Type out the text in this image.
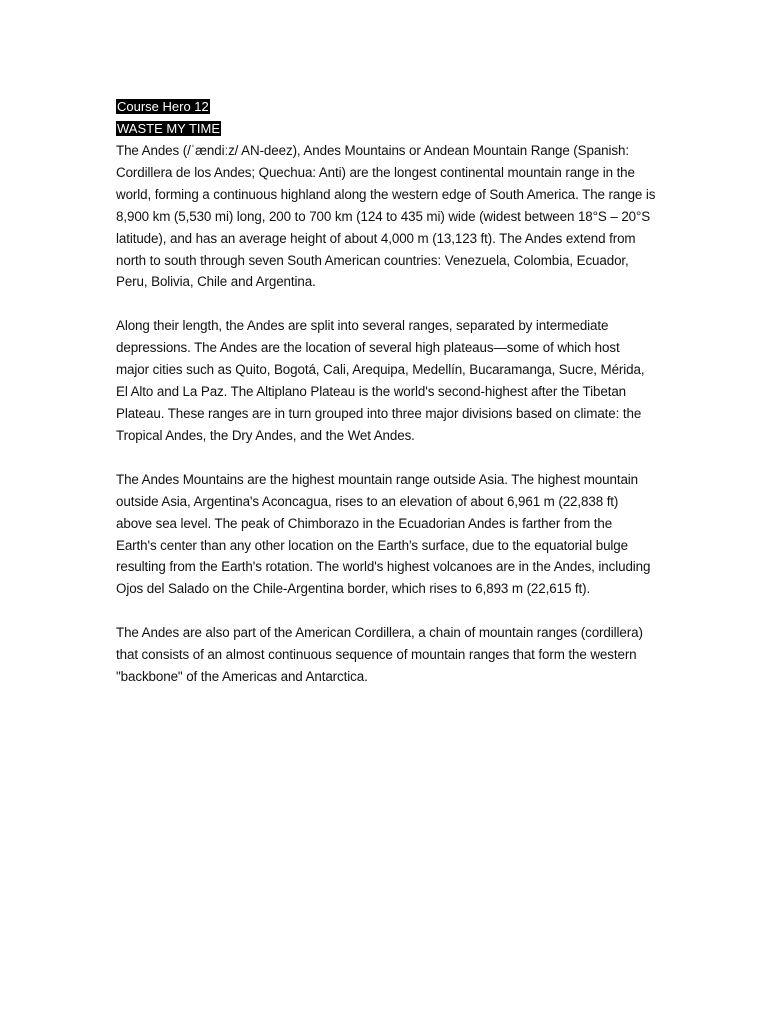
Course Hero 12
WASTE MY TIME

The Andes (/ˈændiːz/ AN-deez), Andes Mountains or Andean Mountain Range (Spanish: Cordillera de los Andes; Quechua: Anti) are the longest continental mountain range in the world, forming a continuous highland along the western edge of South America. The range is 8,900 km (5,530 mi) long, 200 to 700 km (124 to 435 mi) wide (widest between 18°S – 20°S latitude), and has an average height of about 4,000 m (13,123 ft). The Andes extend from north to south through seven South American countries: Venezuela, Colombia, Ecuador, Peru, Bolivia, Chile and Argentina.

Along their length, the Andes are split into several ranges, separated by intermediate depressions. The Andes are the location of several high plateaus—some of which host major cities such as Quito, Bogotá, Cali, Arequipa, Medellín, Bucaramanga, Sucre, Mérida, El Alto and La Paz. The Altiplano Plateau is the world's second-highest after the Tibetan Plateau. These ranges are in turn grouped into three major divisions based on climate: the Tropical Andes, the Dry Andes, and the Wet Andes.

The Andes Mountains are the highest mountain range outside Asia. The highest mountain outside Asia, Argentina's Aconcagua, rises to an elevation of about 6,961 m (22,838 ft) above sea level. The peak of Chimborazo in the Ecuadorian Andes is farther from the Earth's center than any other location on the Earth's surface, due to the equatorial bulge resulting from the Earth's rotation. The world's highest volcanoes are in the Andes, including Ojos del Salado on the Chile-Argentina border, which rises to 6,893 m (22,615 ft).

The Andes are also part of the American Cordillera, a chain of mountain ranges (cordillera) that consists of an almost continuous sequence of mountain ranges that form the western "backbone" of the Americas and Antarctica.
